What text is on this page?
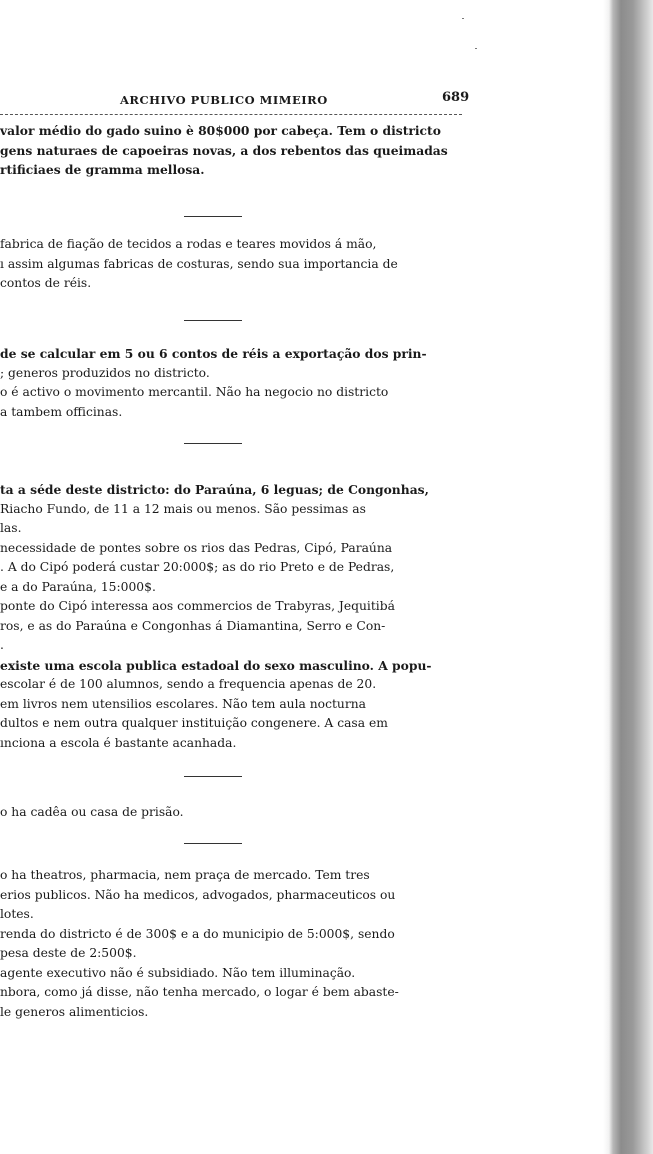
ARCHIVO PUBLICO MIMEIRO	689
valor médio do gado suino è 80$000 por cabeça. Tem o districto
gens naturaes de capoeiras novas, a dos rebentos das queimadas
rtificiaes de gramma mellosa.
fabrica de fiação de tecidos a rodas e teares movidos á mão,
ı assim algumas fabricas de costuras, sendo sua importancia de
contos de réis.
de se calcular em 5 ou 6 contos de réis a exportação dos prin-
; generos produzidos no districto.
o é activo o movimento mercantil. Não ha negocio no districto
a tambem officinas.
ta a séde deste districto: do Paraúna, 6 leguas; de Congonhas,
Riacho Fundo, de 11 a 12 mais ou menos. São pessimas as
las.
necessidade de pontes sobre os rios das Pedras, Cipó, Paraúna
. A do Cipó poderá custar 20:000$; as do rio Preto e de Pedras,
e a do Paraúna, 15:000$.
ponte do Cipó interessa aos commercios de Trabyras, Jequitibá
ros, e as do Paraúna e Congonhas á Diamantina, Serro e Con-
.
existe uma escola publica estadoal do sexo masculino. A popu-
escolar é de 100 alumnos, sendo a frequencia apenas de 20.
em livros nem utensilios escolares. Não tem aula nocturna
dultos e nem outra qualquer instituição congenere. A casa em
ınciona a escola é bastante acanhada.
o ha cadêa ou casa de prisão.
o ha theatros, pharmacia, nem praça de mercado. Tem tres
erios publicos. Não ha medicos, advogados, pharmaceuticos ou
lotes.
renda do districto é de 300$ e a do municipio de 5:000$, sendo
pesa deste de 2:500$.
agente executivo não é subsidiado. Não tem illuminação.
nbora, como já disse, não tenha mercado, o logar é bem abaste-
le generos alimenticios.
